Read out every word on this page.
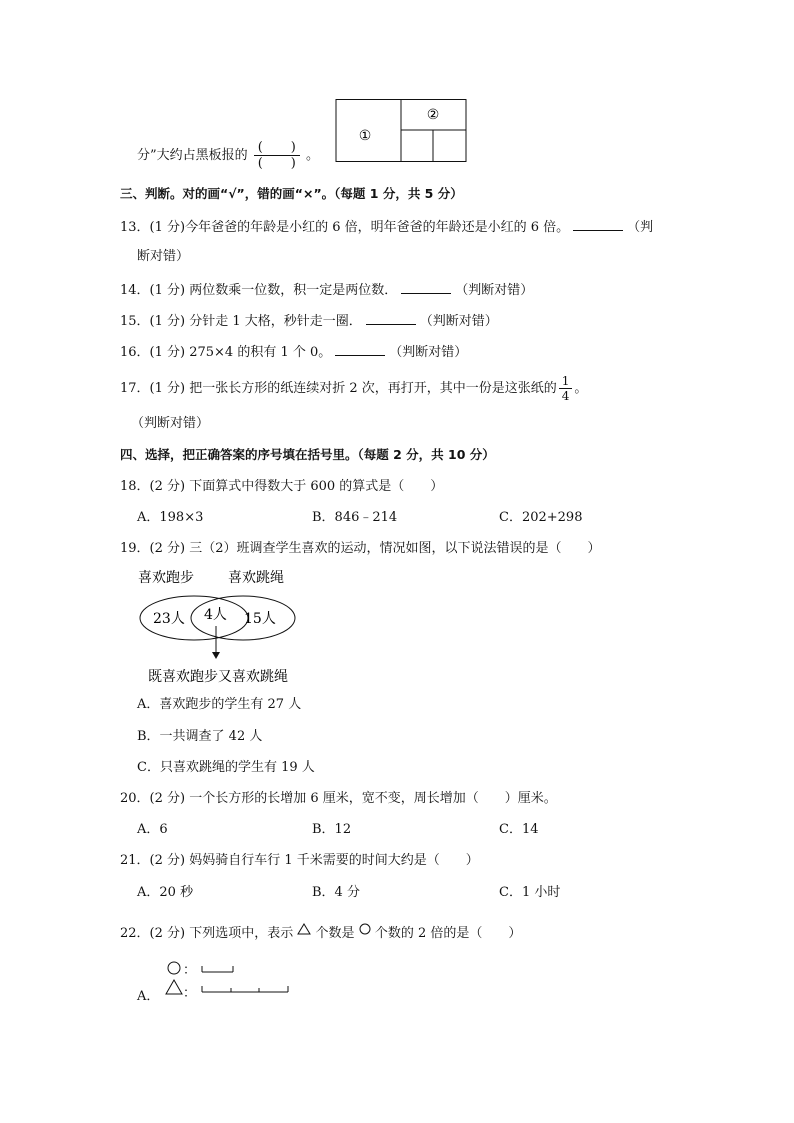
分”大约占黑板报的 $\frac{( )}{( )}$ 。
①
②
三、判断。对的画“√”，错的画“×”。（每题 1 分，共 5 分）
13．(1 分)今年爸爸的年龄是小红的 6 倍，明年爸爸的年龄还是小红的 6 倍。	（判
断对错）
14．(1 分) 两位数乘一位数，积一定是两位数．	（判断对错）
15．(1 分) 分针走 1 大格，秒针走一圈．	（判断对错）
16．(1 分) 275×4 的积有 1 个 0。	（判断对错）
17．(1 分) 把一张长方形的纸连续对折 2 次，再打开，其中一份是这张纸的 $\frac{1}{4}$ 。
（判断对错）
四、选择，把正确答案的序号填在括号里。（每题 2 分，共 10 分）
18．(2 分) 下面算式中得数大于 600 的算式是（　　）
A．198×3	B．846﹣214	C．202+298
19．(2 分) 三（2）班调查学生喜欢的运动，情况如图，以下说法错误的是（　　）
喜欢跑步 喜欢跳绳
23人 4人 15人
既喜欢跑步又喜欢跳绳
A．喜欢跑步的学生有 27 人
B．一共调查了 42 人
C．只喜欢跳绳的学生有 19 人
20．(2 分) 一个长方形的长增加 6 厘米，宽不变，周长增加（　　）厘米。
A．6	B．12	C．14
21．(2 分) 妈妈骑自行车行 1 千米需要的时间大约是（　　）
A．20 秒	B．4 分	C．1 小时
22．(2 分) 下列选项中，表示 个数是 个数的 2 倍的是（　　）
：
A． ：
